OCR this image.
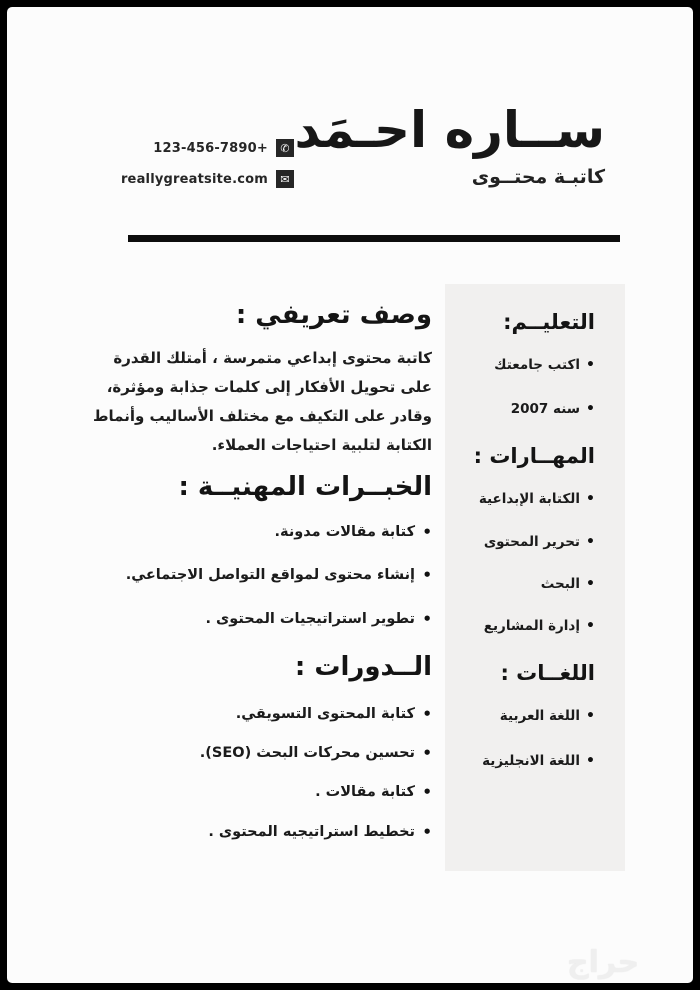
123-456-7890+	✆
reallygreatsite.com	✉
ســاره احـمَد
كاتبـة محتــوى
التعليــم:
• اكتب جامعتك
• سنه 2007
المهــارات :
• الكتابة الإبداعية
• تحرير المحتوى
• البحث
• إدارة المشاريع
اللغــات :
• اللغة العربية
• اللغة الانجليزية
وصف تعريفي :

كاتبة محتوى إبداعي متمرسة ، أمتلك القدرة على تحويل الأفكار إلى كلمات جذابة ومؤثرة، وقادر على التكيف مع مختلف الأساليب وأنماط الكتابة لتلبية احتياجات العملاء.

الخبــرات المهنيــة :
• كتابة مقالات مدونة.
• إنشاء محتوى لمواقع التواصل الاجتماعي.
• تطوير استراتيجيات المحتوى .
الــدورات :
• كتابة المحتوى التسويقي.
• تحسين محركات البحث (SEO).
• كتابة مقالات .
• تخطيط استراتيجيه المحتوى .
حراج
